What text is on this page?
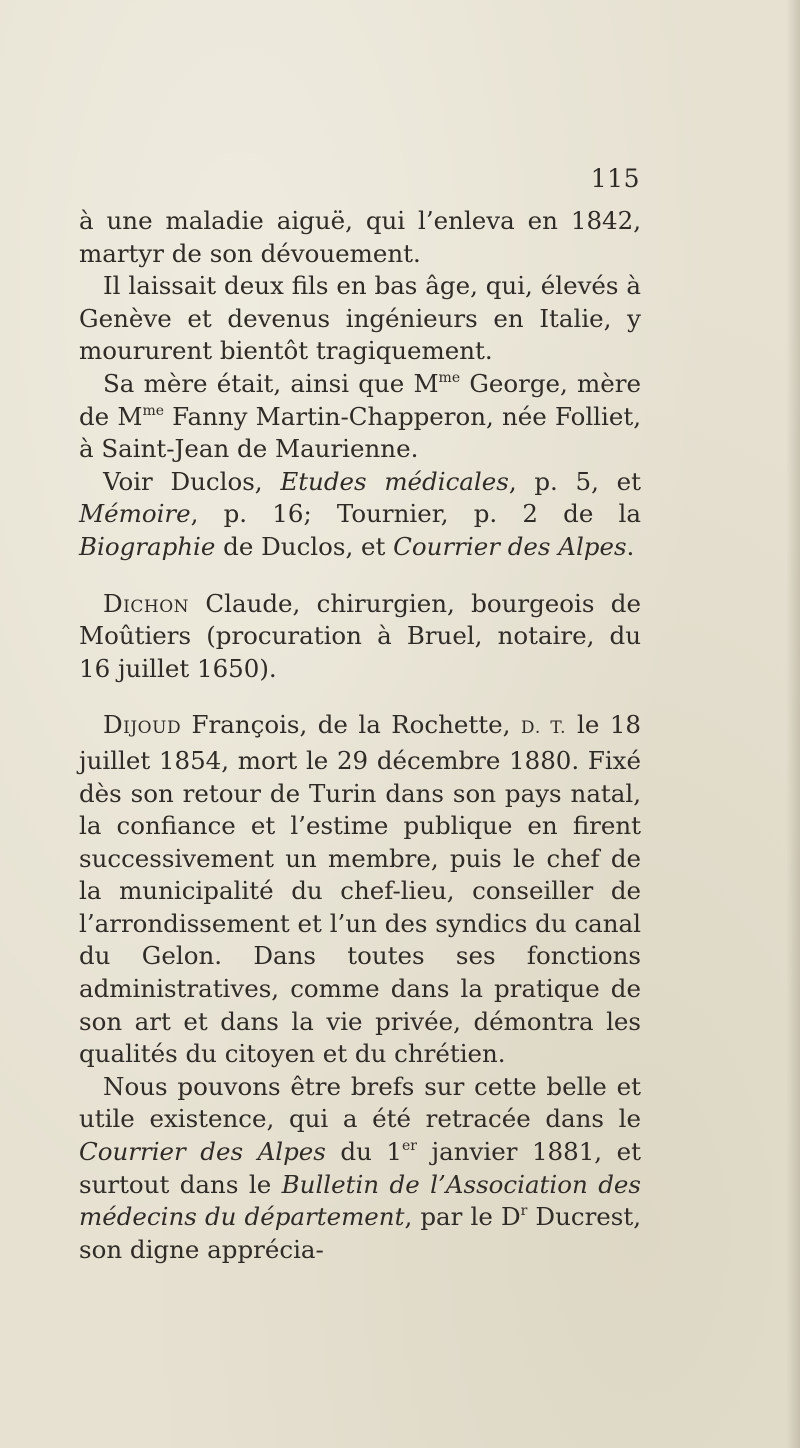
115

à une maladie aiguë, qui l’enleva en 1842, martyr de son dévouement.

Il laissait deux fils en bas âge, qui, élevés à Genève et devenus ingénieurs en Italie, y moururent bientôt tragiquement.

Sa mère était, ainsi que $M^{me}$ George, mère de $M^{me}$ Fanny Martin-Chapperon, née Folliet, à Saint-Jean de Maurienne.

Voir Duclos, Etudes médicales, p. 5, et Mémoire, p. 16; Tournier, p. 2 de la Biographie de Duclos, et Courrier des Alpes.

Dichon Claude, chirurgien, bourgeois de Moûtiers (procuration à Bruel, notaire, du 16 juillet 1650).

Dijoud François, de la Rochette, D. T. le 18 juillet 1854, mort le 29 décembre 1880. Fixé dès son retour de Turin dans son pays natal, la confiance et l’estime publique en firent successivement un membre, puis le chef de la municipalité du chef-lieu, conseiller de l’arrondissement et l’un des syndics du canal du Gelon. Dans toutes ses fonctions administratives, comme dans la pratique de son art et dans la vie privée, démontra les qualités du citoyen et du chrétien.

Nous pouvons être brefs sur cette belle et utile existence, qui a été retracée dans le Courrier des Alpes du 1er janvier 1881, et surtout dans le Bulletin de l’Association des médecins du département, par le $D^r$ Ducrest, son digne apprécia-
